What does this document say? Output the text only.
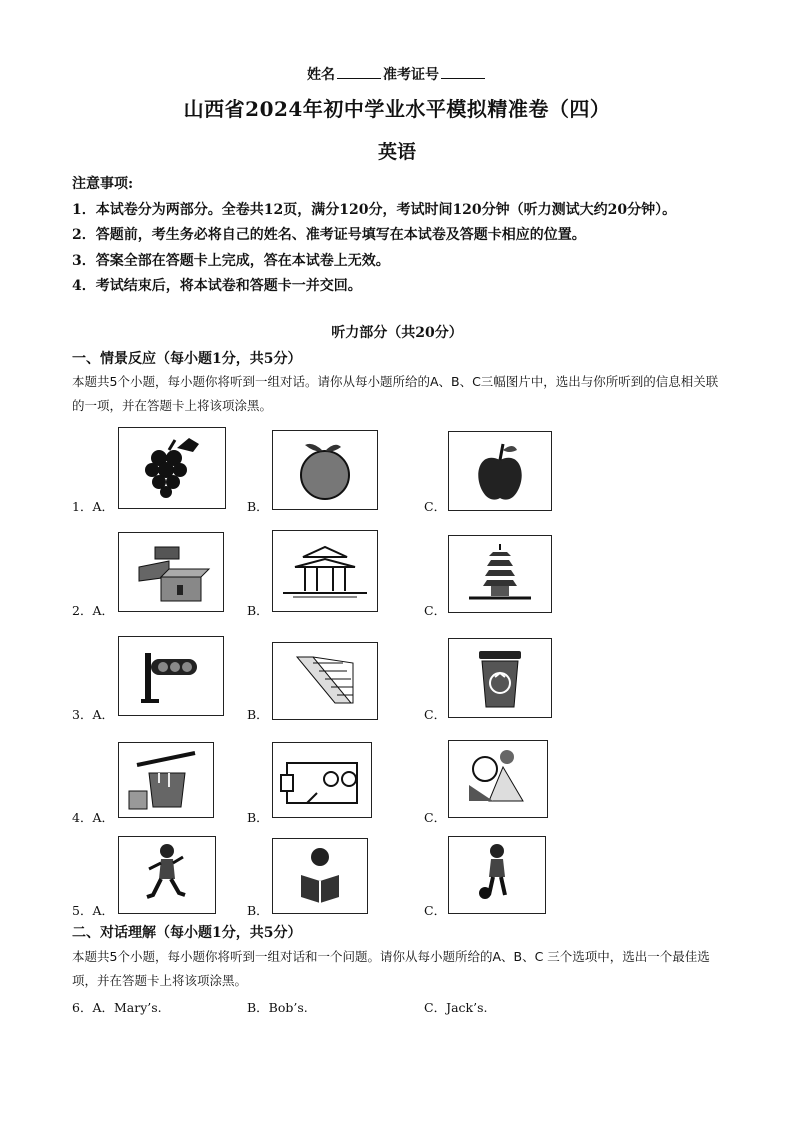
姓名	准考证号
山西省2024年初中学业水平模拟精准卷（四）
英语

注意事项:

1．本试卷分为两部分。全卷共12页，满分120分，考试时间120分钟（听力测试大约20分钟）。

2．答题前，考生务必将自己的姓名、准考证号填写在本试卷及答题卡相应的位置。

3．答案全部在答题卡上完成，答在本试卷上无效。

4．考试结束后，将本试卷和答题卡一并交回。

听力部分（共20分）
一、情景反应（每小题1分，共5分）
本题共5个小题，每小题你将听到一组对话。请你从每小题所给的A、B、C三幅图片中，选出与你所听到的信息相关联的一项，并在答题卡上将该项涂黑。
1．A．	B．	C．
2．A．	B．	C．
3．A．	B．	C．
4．A．	B．	C．
5．A．	B．	C．
二、对话理解（每小题1分，共5分）
本题共5个小题，每小题你将听到一组对话和一个问题。请你从每小题所给的A、B、C 三个选项中，选出一个最佳选项，并在答题卡上将该项涂黑。
6．A．Mary’s.	B．Bob’s.	C．Jack’s.
